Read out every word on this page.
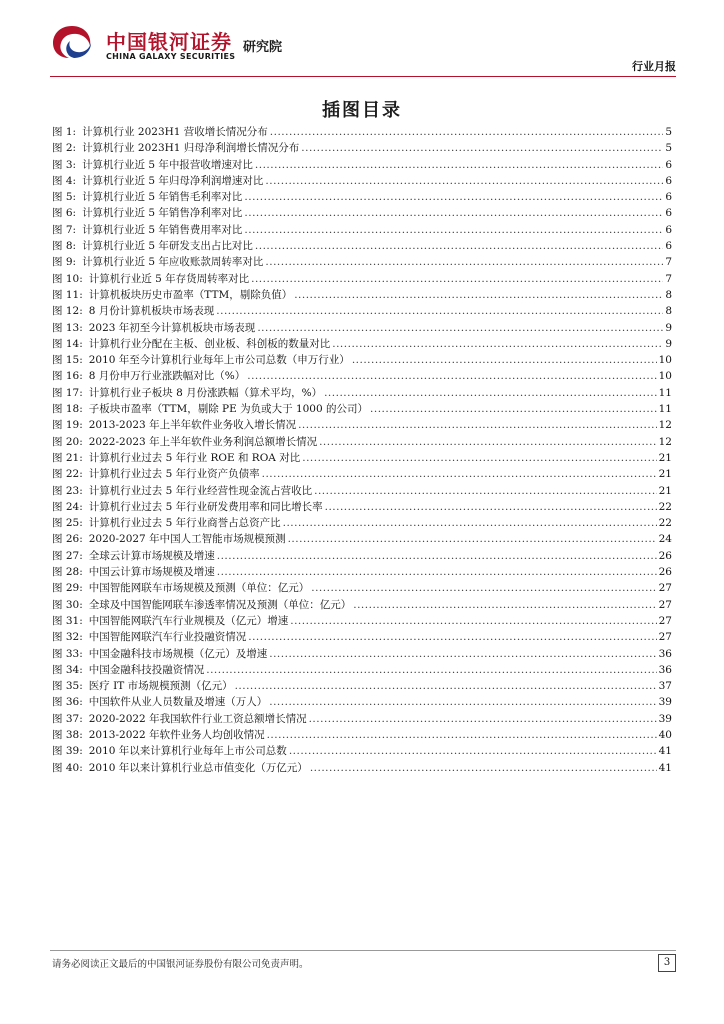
中国银河证券 研究院
CHINA GALAXY SECURITIES
行业月报
插图目录
图 1: 计算机行业 2023H1 营收增长情况分布 .....	5
图 2: 计算机行业 2023H1 归母净利润增长情况分布 .....	5
图 3: 计算机行业近 5 年中报营收增速对比 .....	6
图 4: 计算机行业近 5 年归母净利润增速对比 .....	6
图 5: 计算机行业近 5 年销售毛利率对比 .....	6
图 6: 计算机行业近 5 年销售净利率对比 .....	6
图 7: 计算机行业近 5 年销售费用率对比 .....	6
图 8: 计算机行业近 5 年研发支出占比对比 .....	6
图 9: 计算机行业近 5 年应收账款周转率对比 .....	7
图 10: 计算机行业近 5 年存货周转率对比 .....	7
图 11: 计算机板块历史市盈率（TTM，剔除负值） .....	8
图 12: 8 月份计算机板块市场表现 .....	8
图 13: 2023 年初至今计算机板块市场表现 .....	9
图 14: 计算机行业分配在主板、创业板、科创板的数量对比 .....	9
图 15: 2010 年至今计算机行业每年上市公司总数（申万行业） .....	10
图 16: 8 月份申万行业涨跌幅对比（%） .....	10
图 17: 计算机行业子板块 8 月份涨跌幅（算术平均，%） .....	11
图 18: 子板块市盈率（TTM，剔除 PE 为负或大于 1000 的公司） .....	11
图 19: 2013-2023 年上半年软件业务收入增长情况 .....	12
图 20: 2022-2023 年上半年软件业务利润总额增长情况 .....	12
图 21: 计算机行业过去 5 年行业 ROE 和 ROA 对比 .....	21
图 22: 计算机行业过去 5 年行业资产负债率 .....	21
图 23: 计算机行业过去 5 年行业经营性现金流占营收比 .....	21
图 24: 计算机行业过去 5 年行业研发费用率和同比增长率 .....	22
图 25: 计算机行业过去 5 年行业商誉占总资产比 .....	22
图 26: 2020-2027 年中国人工智能市场规模预测 .....	24
图 27: 全球云计算市场规模及增速 .....	26
图 28: 中国云计算市场规模及增速 .....	26
图 29: 中国智能网联车市场规模及预测（单位：亿元） .....	27
图 30: 全球及中国智能网联车渗透率情况及预测（单位：亿元） .....	27
图 31: 中国智能网联汽车行业规模及（亿元）增速 .....	27
图 32: 中国智能网联汽车行业投融资情况 .....	27
图 33: 中国金融科技市场规模（亿元）及增速 .....	36
图 34: 中国金融科技投融资情况 .....	36
图 35: 医疗 IT 市场规模预测（亿元） .....	37
图 36: 中国软件从业人员数量及增速（万人） .....	39
图 37: 2020-2022 年我国软件行业工资总额增长情况 .....	39
图 38: 2013-2022 年软件业务人均创收情况 .....	40
图 39: 2010 年以来计算机行业每年上市公司总数 .....	41
图 40: 2010 年以来计算机行业总市值变化（万亿元） .....	41
请务必阅读正文最后的中国银河证券股份有限公司免责声明。	3
